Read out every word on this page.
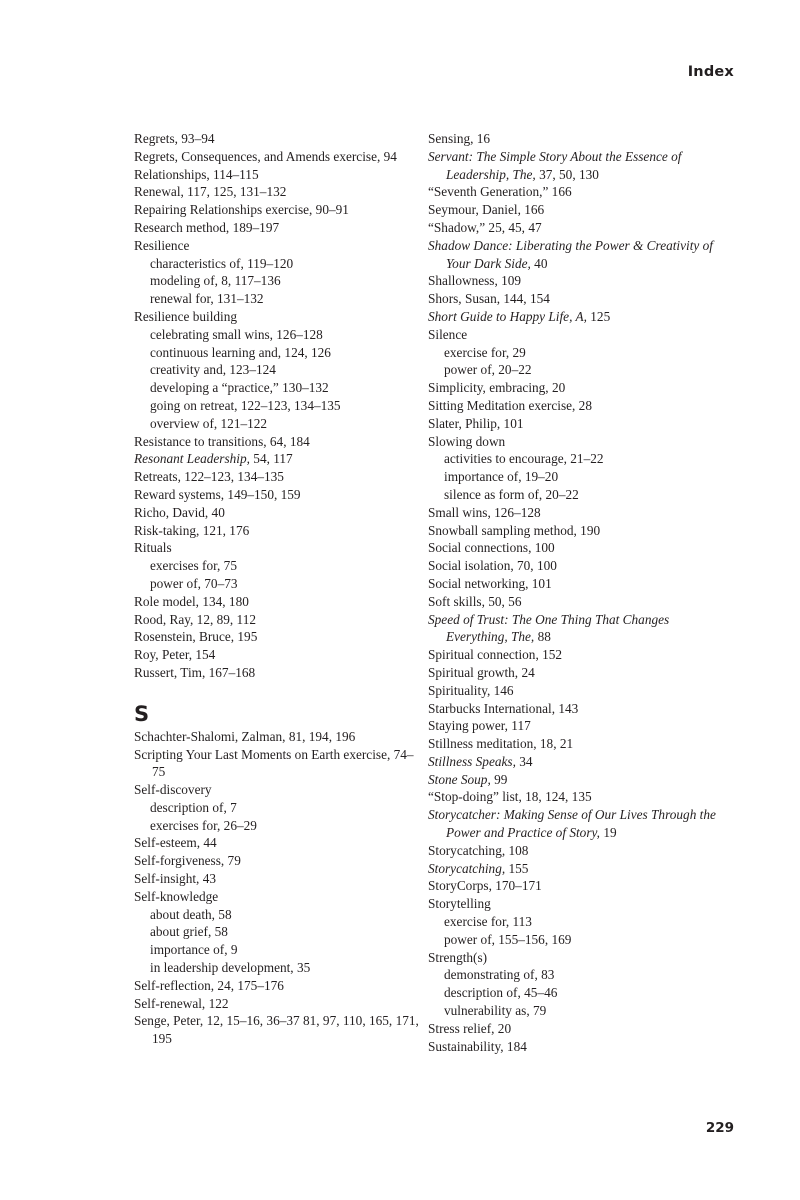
Index

Regrets, 93–94

Regrets, Consequences, and Amends exercise, 94

Relationships, 114–115

Renewal, 117, 125, 131–132

Repairing Relationships exercise, 90–91

Research method, 189–197

Resilience

characteristics of, 119–120

modeling of, 8, 117–136

renewal for, 131–132

Resilience building

celebrating small wins, 126–128

continuous learning and, 124, 126

creativity and, 123–124

developing a “practice,” 130–132

going on retreat, 122–123, 134–135

overview of, 121–122

Resistance to transitions, 64, 184

Resonant Leadership, 54, 117

Retreats, 122–123, 134–135

Reward systems, 149–150, 159

Richo, David, 40

Risk-taking, 121, 176

Rituals

exercises for, 75

power of, 70–73

Role model, 134, 180

Rood, Ray, 12, 89, 112

Rosenstein, Bruce, 195

Roy, Peter, 154

Russert, Tim, 167–168

S

Schachter-Shalomi, Zalman, 81, 194, 196

Scripting Your Last Moments on Earth exercise, 74–75

Self-discovery

description of, 7

exercises for, 26–29

Self-esteem, 44

Self-forgiveness, 79

Self-insight, 43

Self-knowledge

about death, 58

about grief, 58

importance of, 9

in leadership development, 35

Self-reflection, 24, 175–176

Self-renewal, 122

Senge, Peter, 12, 15–16, 36–37 81, 97, 110, 165, 171, 195

Sensing, 16

Servant: The Simple Story About the Essence of Leadership, The, 37, 50, 130

“Seventh Generation,” 166

Seymour, Daniel, 166

“Shadow,” 25, 45, 47

Shadow Dance: Liberating the Power & Creativity of Your Dark Side, 40

Shallowness, 109

Shors, Susan, 144, 154

Short Guide to Happy Life, A, 125

Silence

exercise for, 29

power of, 20–22

Simplicity, embracing, 20

Sitting Meditation exercise, 28

Slater, Philip, 101

Slowing down

activities to encourage, 21–22

importance of, 19–20

silence as form of, 20–22

Small wins, 126–128

Snowball sampling method, 190

Social connections, 100

Social isolation, 70, 100

Social networking, 101

Soft skills, 50, 56

Speed of Trust: The One Thing That Changes Everything, The, 88

Spiritual connection, 152

Spiritual growth, 24

Spirituality, 146

Starbucks International, 143

Staying power, 117

Stillness meditation, 18, 21

Stillness Speaks, 34

Stone Soup, 99

“Stop-doing” list, 18, 124, 135

Storycatcher: Making Sense of Our Lives Through the Power and Practice of Story, 19

Storycatching, 108

Storycatching, 155

StoryCorps, 170–171

Storytelling

exercise for, 113

power of, 155–156, 169

Strength(s)

demonstrating of, 83

description of, 45–46

vulnerability as, 79

Stress relief, 20

Sustainability, 184

229
